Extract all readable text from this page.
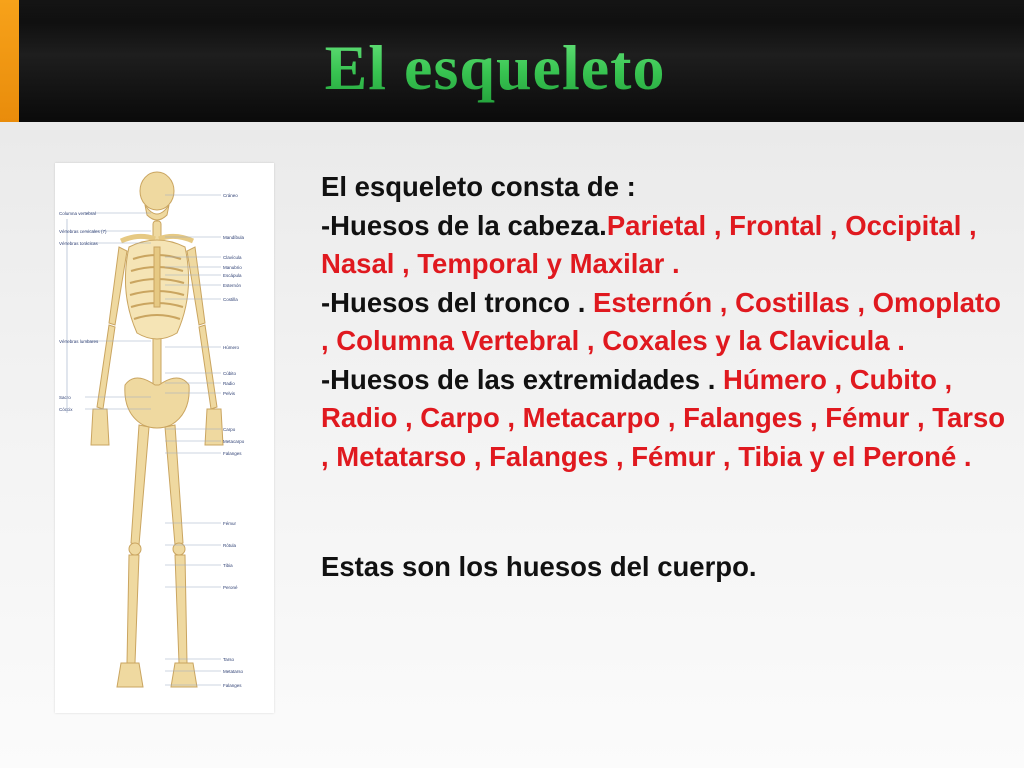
El esqueleto
Columna vertebral
Vértebras cervicales (7)
Vértebras torácicas
Vértebras lumbares
Sacro
Cóccix
Cráneo
Mandíbula
Clavícula
Manubrio
Escápula
Esternón
Costilla
Húmero
Cúbito
Radio
Pelvis
Carpo
Metacarpo
Falanges
Fémur
Rótula
Tibia
Peroné
Tarso
Metatarso
Falanges

El esqueleto consta de :

-Huesos de la cabeza.Parietal , Frontal , Occipital , Nasal , Temporal y Maxilar .

-Huesos del tronco . Esternón , Costillas , Omoplato , Columna Vertebral , Coxales y la Clavicula .

-Huesos de las extremidades . Húmero , Cubito , Radio , Carpo , Metacarpo , Falanges , Fémur , Tarso , Metatarso , Falanges , Fémur , Tibia y el Peroné .

Estas son los huesos del cuerpo.
